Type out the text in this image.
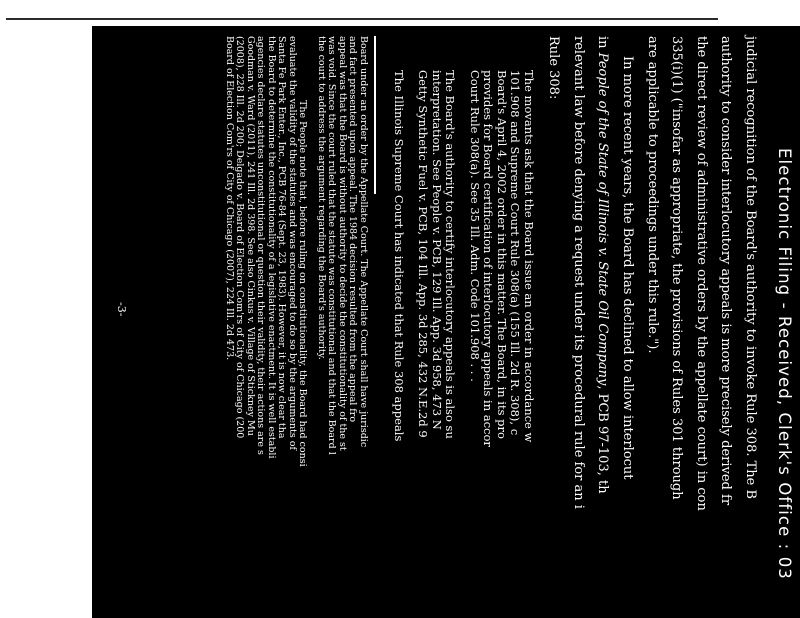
Electronic Filing - Received, Clerk's Office : 03

judicial recognition of the Board's authority to invoke Rule 308. The B

authority to consider interlocutory appeals is more precisely derived fr

the direct review of administrative orders by the appellate court) in con

335(i)(1) ("insofar as appropriate, the provisions of Rules 301 through

are applicable to proceedings under this rule.").

In more recent years, the Board has declined to allow interlocut

in People of the State of Illinois v. State Oil Company, PCB 97-103, th

relevant law before denying a request under its procedural rule for an i

Rule 308:

The movants ask that the Board issue an order in accordance w

101.908 and Supreme Court Rule 308(a) (155 Ill. 2d R. 308), c

Board's April 4, 2002 order in this matter. The Board, in its pro

provides for Board certification of interlocutory appeals in accor

Court Rule 308(a). See 35 Ill. Adm. Code 101.908 . . .

The Board's authority to certify interlocutory appeals is also su

interpretation. See People v. PCB, 129 Ill. App. 3d 958, 473 N

Getty Synthetic Fuel v. PCB, 104 Ill. App. 3d 285, 432 N.E.2d 9

The Illinois Supreme Court has indicated that Rule 308 appeals

Board under an order by the Appellate Court. The Appellate Court shall have jurisdic

and fact presented upon appeal. The 1984 decision resulted from the appeal fro

appeal was that the Board is without authority to decide the constitutionality of the st

was void. Since the court ruled that the statute was constitutional and that the Board l

the court to address the argument regarding the Board's authority.

The People note that, before ruling on constitutionality, the Board had consi

evaluate the validity of the statutes and was encouraged to do so by the arguments of

Santa Fe Park Enter., Inc., PCB 76-84 (Sept. 23, 1983). However, it is now clear tha

the Board to determine the constitutionality of a legislative enactment. It is well establi

agencies declare statutes unconstitutional or question their validity, their actions are s

Goodman v. Ward (2011), 241 Ill. 2d 398. See also Cinkus v. Village of Stickney Mu

(2008), 228 Ill. 2d 200; Delgado v. Board of Election Com'rs of City of Chicago (200

Board of Election Com'rs of City of Chicago (2007), 224 Ill. 2d 473.

-3-
